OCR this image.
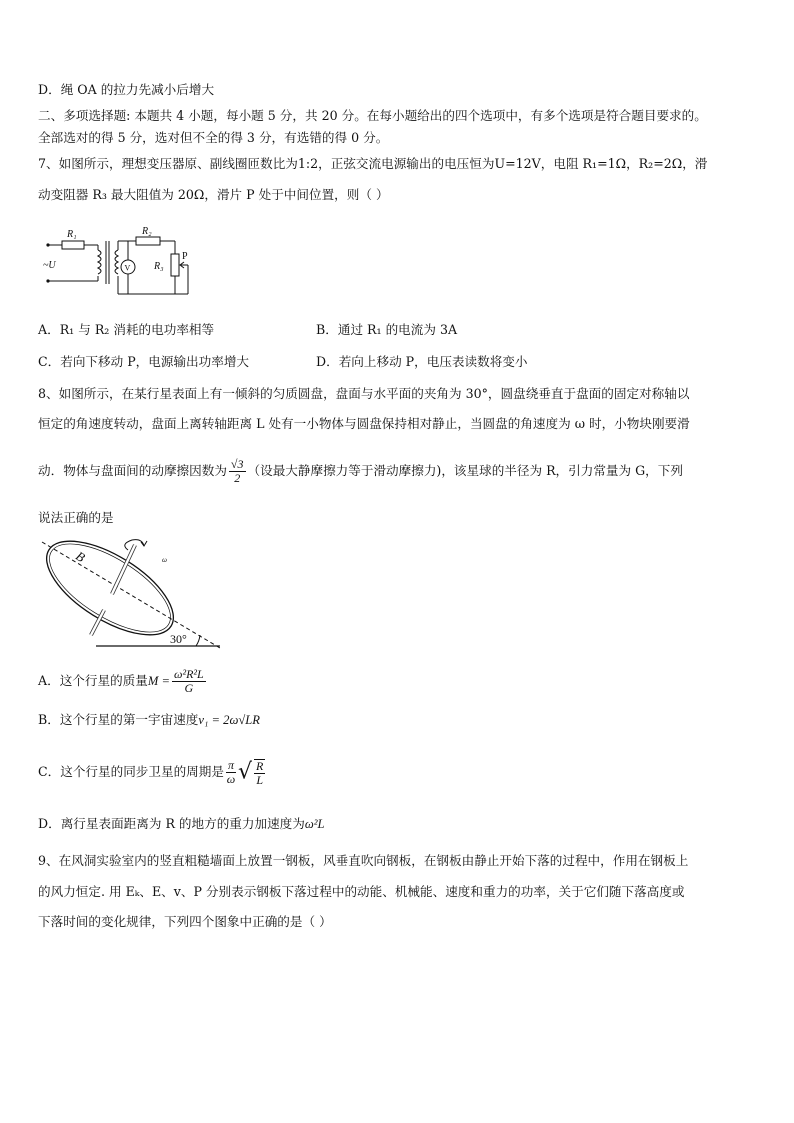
D．绳 OA 的拉力先减小后增大
二、多项选择题: 本题共 4 小题，每小题 5 分，共 20 分。在每小题给出的四个选项中，有多个选项是符合题目要求的。
全部选对的得 5 分，选对但不全的得 3 分，有选错的得 0 分。
7、如图所示，理想变压器原、副线圈匝数比为1:2，正弦交流电源输出的电压恒为U=12V，电阻 R₁=1Ω，R₂=2Ω，滑
动变阻器 R₃ 最大阻值为 20Ω，滑片 P 处于中间位置，则（ ）
R₁
~U
R₂
R₃
P
V
A．R₁ 与 R₂ 消耗的电功率相等	B．通过 R₁ 的电流为 3A
C．若向下移动 P，电源输出功率增大	D．若向上移动 P，电压表读数将变小
8、如图所示，在某行星表面上有一倾斜的匀质圆盘，盘面与水平面的夹角为 30°，圆盘绕垂直于盘面的固定对称轴以
恒定的角速度转动，盘面上离转轴距离 L 处有一小物体与圆盘保持相对静止，当圆盘的角速度为 ω 时，小物块刚要滑
动．物体与盘面间的动摩擦因数为 $\frac{√3}{2}$ （设最大静摩擦力等于滑动摩擦力)，该星球的半径为 R，引力常量为 G，下列
说法正确的是
B	ω
30°
A．这个行星的质量$M = \frac{\text{ω²R²L}}{G}$
B．这个行星的第一宇宙速度v₁ = 2ω√LR
C．这个行星的同步卫星的周期是 $\frac{\pi}{\omega}$ √ $\frac{R}{L}$
D．离行星表面距离为 R 的地方的重力加速度为ω²L
9、在风洞实验室内的竖直粗糙墙面上放置一钢板，风垂直吹向钢板，在钢板由静止开始下落的过程中，作用在钢板上
的风力恒定. 用 Eₖ、E、v、P 分别表示钢板下落过程中的动能、机械能、速度和重力的功率，关于它们随下落高度或
下落时间的变化规律，下列四个图象中正确的是（ ）
